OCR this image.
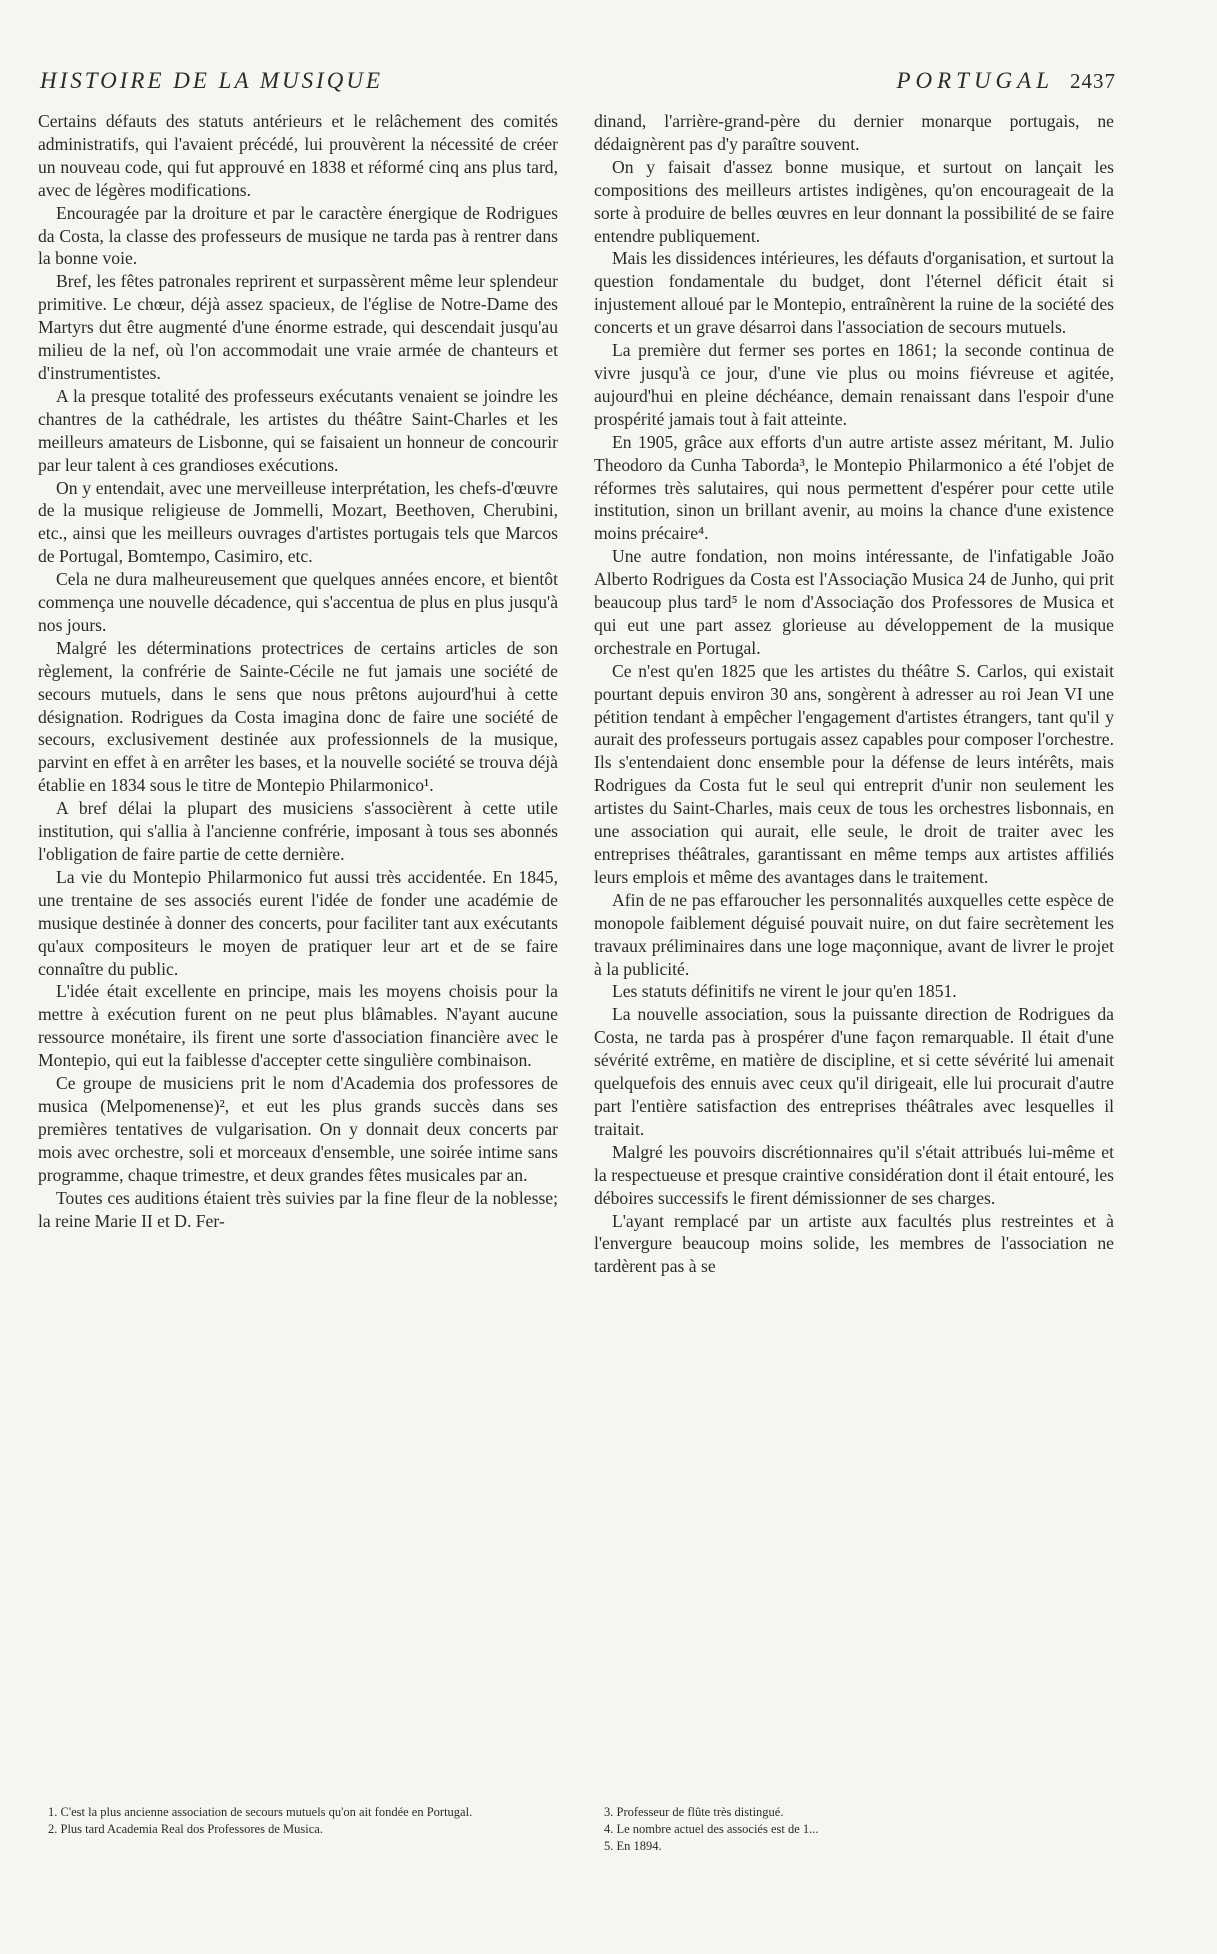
HISTOIRE DE LA MUSIQUE	PORTUGAL 2437

Certains défauts des statuts antérieurs et le relâchement des comités administratifs, qui l'avaient précédé, lui prouvèrent la nécessité de créer un nouveau code, qui fut approuvé en 1838 et réformé cinq ans plus tard, avec de légères modifications.

Encouragée par la droiture et par le caractère énergique de Rodrigues da Costa, la classe des professeurs de musique ne tarda pas à rentrer dans la bonne voie.

Bref, les fêtes patronales reprirent et surpassèrent même leur splendeur primitive. Le chœur, déjà assez spacieux, de l'église de Notre-Dame des Martyrs dut être augmenté d'une énorme estrade, qui descendait jusqu'au milieu de la nef, où l'on accommodait une vraie armée de chanteurs et d'instrumentistes.

A la presque totalité des professeurs exécutants venaient se joindre les chantres de la cathédrale, les artistes du théâtre Saint-Charles et les meilleurs amateurs de Lisbonne, qui se faisaient un honneur de concourir par leur talent à ces grandioses exécutions.

On y entendait, avec une merveilleuse interprétation, les chefs-d'œuvre de la musique religieuse de Jommelli, Mozart, Beethoven, Cherubini, etc., ainsi que les meilleurs ouvrages d'artistes portugais tels que Marcos de Portugal, Bomtempo, Casimiro, etc.

Cela ne dura malheureusement que quelques années encore, et bientôt commença une nouvelle décadence, qui s'accentua de plus en plus jusqu'à nos jours.

Malgré les déterminations protectrices de certains articles de son règlement, la confrérie de Sainte-Cécile ne fut jamais une société de secours mutuels, dans le sens que nous prêtons aujourd'hui à cette désignation. Rodrigues da Costa imagina donc de faire une société de secours, exclusivement destinée aux professionnels de la musique, parvint en effet à en arrêter les bases, et la nouvelle société se trouva déjà établie en 1834 sous le titre de Montepio Philarmonico¹.

A bref délai la plupart des musiciens s'associèrent à cette utile institution, qui s'allia à l'ancienne confrérie, imposant à tous ses abonnés l'obligation de faire partie de cette dernière.

La vie du Montepio Philarmonico fut aussi très accidentée. En 1845, une trentaine de ses associés eurent l'idée de fonder une académie de musique destinée à donner des concerts, pour faciliter tant aux exécutants qu'aux compositeurs le moyen de pratiquer leur art et de se faire connaître du public.

L'idée était excellente en principe, mais les moyens choisis pour la mettre à exécution furent on ne peut plus blâmables. N'ayant aucune ressource monétaire, ils firent une sorte d'association financière avec le Montepio, qui eut la faiblesse d'accepter cette singulière combinaison.

Ce groupe de musiciens prit le nom d'Academia dos professores de musica (Melpomenense)², et eut les plus grands succès dans ses premières tentatives de vulgarisation. On y donnait deux concerts par mois avec orchestre, soli et morceaux d'ensemble, une soirée intime sans programme, chaque trimestre, et deux grandes fêtes musicales par an.

Toutes ces auditions étaient très suivies par la fine fleur de la noblesse; la reine Marie II et D. Fer-

dinand, l'arrière-grand-père du dernier monarque portugais, ne dédaignèrent pas d'y paraître souvent.

On y faisait d'assez bonne musique, et surtout on lançait les compositions des meilleurs artistes indigènes, qu'on encourageait de la sorte à produire de belles œuvres en leur donnant la possibilité de se faire entendre publiquement.

Mais les dissidences intérieures, les défauts d'organisation, et surtout la question fondamentale du budget, dont l'éternel déficit était si injustement alloué par le Montepio, entraînèrent la ruine de la société des concerts et un grave désarroi dans l'association de secours mutuels.

La première dut fermer ses portes en 1861; la seconde continua de vivre jusqu'à ce jour, d'une vie plus ou moins fiévreuse et agitée, aujourd'hui en pleine déchéance, demain renaissant dans l'espoir d'une prospérité jamais tout à fait atteinte.

En 1905, grâce aux efforts d'un autre artiste assez méritant, M. Julio Theodoro da Cunha Taborda³, le Montepio Philarmonico a été l'objet de réformes très salutaires, qui nous permettent d'espérer pour cette utile institution, sinon un brillant avenir, au moins la chance d'une existence moins précaire⁴.

Une autre fondation, non moins intéressante, de l'infatigable João Alberto Rodrigues da Costa est l'Associação Musica 24 de Junho, qui prit beaucoup plus tard⁵ le nom d'Associação dos Professores de Musica et qui eut une part assez glorieuse au développement de la musique orchestrale en Portugal.

Ce n'est qu'en 1825 que les artistes du théâtre S. Carlos, qui existait pourtant depuis environ 30 ans, songèrent à adresser au roi Jean VI une pétition tendant à empêcher l'engagement d'artistes étrangers, tant qu'il y aurait des professeurs portugais assez capables pour composer l'orchestre. Ils s'entendaient donc ensemble pour la défense de leurs intérêts, mais Rodrigues da Costa fut le seul qui entreprit d'unir non seulement les artistes du Saint-Charles, mais ceux de tous les orchestres lisbonnais, en une association qui aurait, elle seule, le droit de traiter avec les entreprises théâtrales, garantissant en même temps aux artistes affiliés leurs emplois et même des avantages dans le traitement.

Afin de ne pas effaroucher les personnalités auxquelles cette espèce de monopole faiblement déguisé pouvait nuire, on dut faire secrètement les travaux préliminaires dans une loge maçonnique, avant de livrer le projet à la publicité.

Les statuts définitifs ne virent le jour qu'en 1851.

La nouvelle association, sous la puissante direction de Rodrigues da Costa, ne tarda pas à prospérer d'une façon remarquable. Il était d'une sévérité extrême, en matière de discipline, et si cette sévérité lui amenait quelquefois des ennuis avec ceux qu'il dirigeait, elle lui procurait d'autre part l'entière satisfaction des entreprises théâtrales avec lesquelles il traitait.

Malgré les pouvoirs discrétionnaires qu'il s'était attribués lui-même et la respectueuse et presque craintive considération dont il était entouré, les déboires successifs le firent démissionner de ses charges.

L'ayant remplacé par un artiste aux facultés plus restreintes et à l'envergure beaucoup moins solide, les membres de l'association ne tardèrent pas à se

1. C'est la plus ancienne association de secours mutuels qu'on ait fondée en Portugal.

2. Plus tard Academia Real dos Professores de Musica.

3. Professeur de flûte très distingué.

4. Le nombre actuel des associés est de 1...

5. En 1894.
